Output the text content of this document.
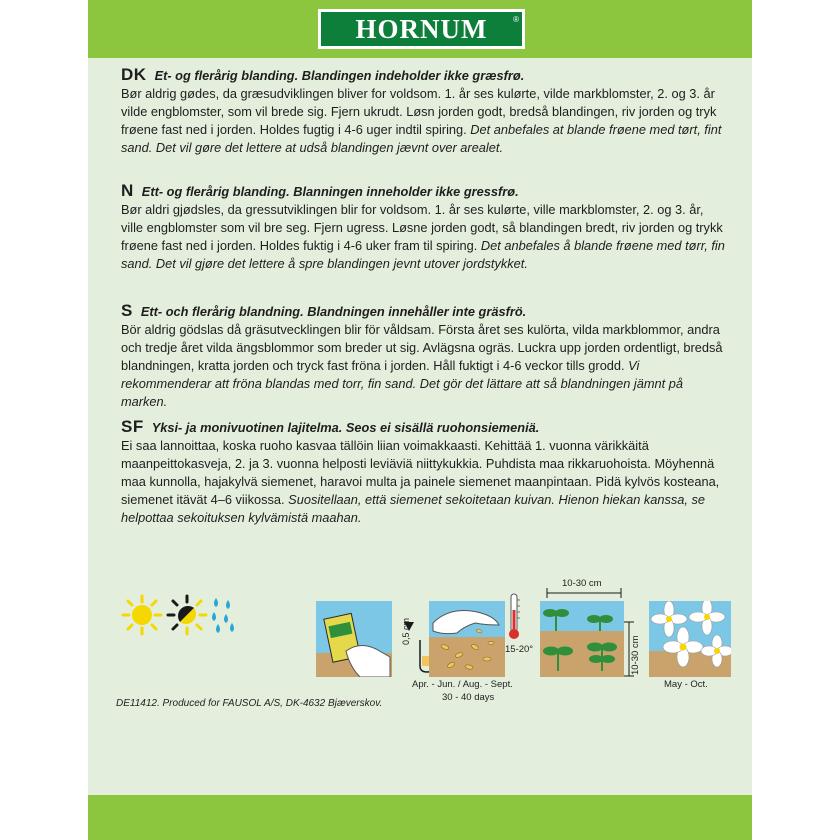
HORNUM	®

DK Et- og flerårig blanding. Blandingen indeholder ikke græsfrø.
Bør aldrig gødes, da græsudviklingen bliver for voldsom. 1. år ses kulørte, vilde markblomster, 2. og 3. år vilde engblomster, som vil brede sig. Fjern ukrudt. Løsn jorden godt, bredså blandingen, riv jorden og tryk frøene fast ned i jorden. Holdes fugtig i 4-6 uger indtil spiring. Det anbefales at blande frøene med tørt, fint sand. Det vil gøre det lettere at udså blandingen jævnt over arealet.

N Ett- og flerårig blanding. Blanningen inneholder ikke gressfrø.
Bør aldri gjødsles, da gressutviklingen blir for voldsom. 1. år ses kulørte, ville markblomster, 2. og 3. år, ville engblomster som vil bre seg. Fjern ugress. Løsne jorden godt, så blandingen bredt, riv jorden og trykk frøene fast ned i jorden. Holdes fuktig i 4-6 uker fram til spiring. Det anbefales å blande frøene med tørr, fin sand. Det vil gjøre det lettere å spre blandingen jevnt utover jordstykket.

S Ett- och flerårig blandning. Blandningen innehåller inte gräsfrö.
Bör aldrig gödslas då gräsutvecklingen blir för våldsam. Första året ses kulörta, vilda markblommor, andra och tredje året vilda ängsblommor som breder ut sig. Avlägsna ogräs. Luckra upp jorden ordentligt, bredså blandningen, kratta jorden och tryck fast fröna i jorden. Håll fuktigt i 4-6 veckor tills grodd. Vi rekommenderar att fröna blandas med torr, fin sand. Det gör det lättare att så blandningen jämnt på marken.

SF Yksi- ja monivuotinen lajitelma. Seos ei sisällä ruohonsiemeniä.
Ei saa lannoittaa, koska ruoho kasvaa tällöin liian voimakkaasti. Kehittää 1. vuonna värikkäitä maanpeittokasveja, 2. ja 3. vuonna helposti leviäviä niittykukkia. Puhdista maa rikkaruohoista. Möyhennä maa kunnolla, hajakylvä siemenet, haravoi multa ja painele siemenet maanpintaan. Pidä kylvös kosteana, siemenet itävät 4–6 viikossa. Suositellaan, että siemenet sekoitetaan kuivan. Hienon hiekan kanssa, se helpottaa sekoituksen kylvämistä maahan.

0,5 cm
Apr. - Jun. / Aug. - Sept.
30 - 40 days
15-20°
10-30 cm
10-30 cm
May - Oct.
DE11412. Produced for FAUSOL A/S, DK-4632 Bjæverskov.
